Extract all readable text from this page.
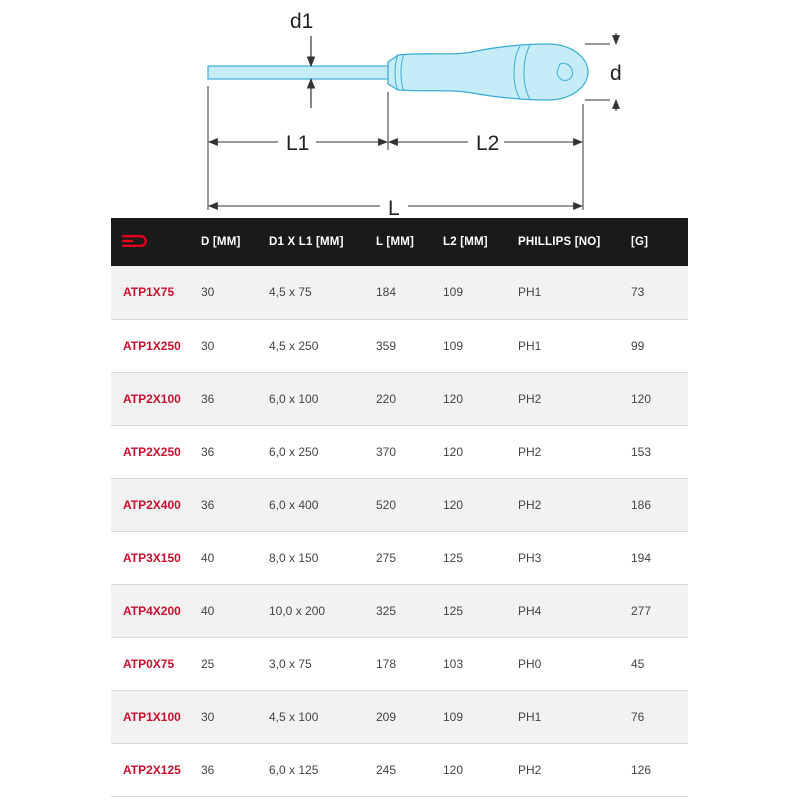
d1
d
L1	L2
L
	D [MM]	D1 X L1 [MM]	L [MM]	L2 [MM]	PHILLIPS [NO]	[G]
ATP1X75	30	4,5 x 75	184	109	PH1	73
ATP1X250	30	4,5 x 250	359	109	PH1	99
ATP2X100	36	6,0 x 100	220	120	PH2	120
ATP2X250	36	6,0 x 250	370	120	PH2	153
ATP2X400	36	6,0 x 400	520	120	PH2	186
ATP3X150	40	8,0 x 150	275	125	PH3	194
ATP4X200	40	10,0 x 200	325	125	PH4	277
ATP0X75	25	3,0 x 75	178	103	PH0	45
ATP1X100	30	4,5 x 100	209	109	PH1	76
ATP2X125	36	6,0 x 125	245	120	PH2	126
